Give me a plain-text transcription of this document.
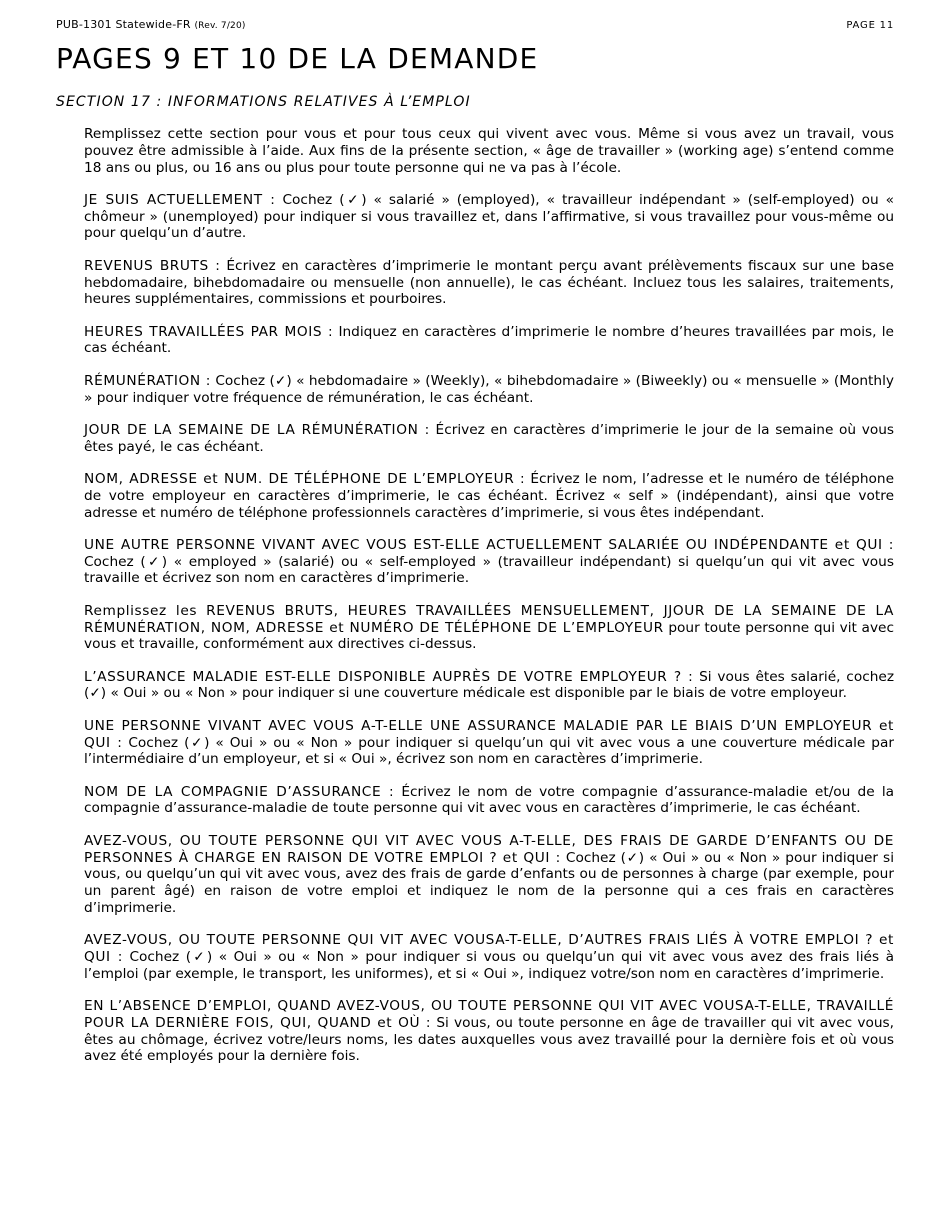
PUB-1301 Statewide-FR (Rev. 7/20)	PAGE 11
PAGES 9 ET 10 DE LA DEMANDE
SECTION 17 : INFORMATIONS RELATIVES À L’EMPLOI

Remplissez cette section pour vous et pour tous ceux qui vivent avec vous. Même si vous avez un travail, vous pouvez être admissible à l’aide. Aux fins de la présente section, « âge de travailler » (working age) s’entend comme 18 ans ou plus, ou 16 ans ou plus pour toute personne qui ne va pas à l’école.

JE SUIS ACTUELLEMENT : Cochez (✓) « salarié » (employed), « travailleur indépendant » (self-employed) ou « chômeur » (unemployed) pour indiquer si vous travaillez et, dans l’affirmative, si vous travaillez pour vous-même ou pour quelqu’un d’autre.

REVENUS BRUTS : Écrivez en caractères d’imprimerie le montant perçu avant prélèvements fiscaux sur une base hebdomadaire, bihebdomadaire ou mensuelle (non annuelle), le cas échéant. Incluez tous les salaires, traitements, heures supplémentaires, commissions et pourboires.

HEURES TRAVAILLÉES PAR MOIS : Indiquez en caractères d’imprimerie le nombre d’heures travaillées par mois, le cas échéant.

RÉMUNÉRATION : Cochez (✓) « hebdomadaire » (Weekly), « bihebdomadaire » (Biweekly) ou « mensuelle » (Monthly » pour indiquer votre fréquence de rémunération, le cas échéant.

JOUR DE LA SEMAINE DE LA RÉMUNÉRATION : Écrivez en caractères d’imprimerie le jour de la semaine où vous êtes payé, le cas échéant.

NOM, ADRESSE et NUM. DE TÉLÉPHONE DE L’EMPLOYEUR : Écrivez le nom, l’adresse et le numéro de téléphone de votre employeur en caractères d’imprimerie, le cas échéant. Écrivez « self » (indépendant), ainsi que votre adresse et numéro de téléphone professionnels caractères d’imprimerie, si vous êtes indépendant.

UNE AUTRE PERSONNE VIVANT AVEC VOUS EST-ELLE ACTUELLEMENT SALARIÉE OU INDÉPENDANTE et QUI : Cochez (✓) « employed » (salarié) ou « self-employed » (travailleur indépendant) si quelqu’un qui vit avec vous travaille et écrivez son nom en caractères d’imprimerie.

Remplissez les REVENUS BRUTS, HEURES TRAVAILLÉES MENSUELLEMENT, JJOUR DE LA SEMAINE DE LA RÉMUNÉRATION, NOM, ADRESSE et NUMÉRO DE TÉLÉPHONE DE L’EMPLOYEUR pour toute personne qui vit avec vous et travaille, conformément aux directives ci-dessus.

L’ASSURANCE MALADIE EST-ELLE DISPONIBLE AUPRÈS DE VOTRE EMPLOYEUR ? : Si vous êtes salarié, cochez (✓) « Oui » ou « Non » pour indiquer si une couverture médicale est disponible par le biais de votre employeur.

UNE PERSONNE VIVANT AVEC VOUS A-T-ELLE UNE ASSURANCE MALADIE PAR LE BIAIS D’UN EMPLOYEUR et QUI : Cochez (✓) « Oui » ou « Non » pour indiquer si quelqu’un qui vit avec vous a une couverture médicale par l’intermédiaire d’un employeur, et si « Oui », écrivez son nom en caractères d’imprimerie.

NOM DE LA COMPAGNIE D’ASSURANCE : Écrivez le nom de votre compagnie d’assurance-maladie et/ou de la compagnie d’assurance-maladie de toute personne qui vit avec vous en caractères d’imprimerie, le cas échéant.

AVEZ-VOUS, OU TOUTE PERSONNE QUI VIT AVEC VOUS A-T-ELLE, DES FRAIS DE GARDE D’ENFANTS OU DE PERSONNES À CHARGE EN RAISON DE VOTRE EMPLOI ? et QUI : Cochez (✓) « Oui » ou « Non » pour indiquer si vous, ou quelqu’un qui vit avec vous, avez des frais de garde d’enfants ou de personnes à charge (par exemple, pour un parent âgé) en raison de votre emploi et indiquez le nom de la personne qui a ces frais en caractères d’imprimerie.

AVEZ-VOUS, OU TOUTE PERSONNE QUI VIT AVEC VOUSA-T-ELLE, D’AUTRES FRAIS LIÉS À VOTRE EMPLOI ? et QUI : Cochez (✓) « Oui » ou « Non » pour indiquer si vous ou quelqu’un qui vit avec vous avez des frais liés à l’emploi (par exemple, le transport, les uniformes), et si « Oui », indiquez votre/son nom en caractères d’imprimerie.

EN L’ABSENCE D’EMPLOI, QUAND AVEZ-VOUS, OU TOUTE PERSONNE QUI VIT AVEC VOUSA-T-ELLE, TRAVAILLÉ POUR LA DERNIÈRE FOIS, QUI, QUAND et OÙ : Si vous, ou toute personne en âge de travailler qui vit avec vous, êtes au chômage, écrivez votre/leurs noms, les dates auxquelles vous avez travaillé pour la dernière fois et où vous avez été employés pour la dernière fois.
